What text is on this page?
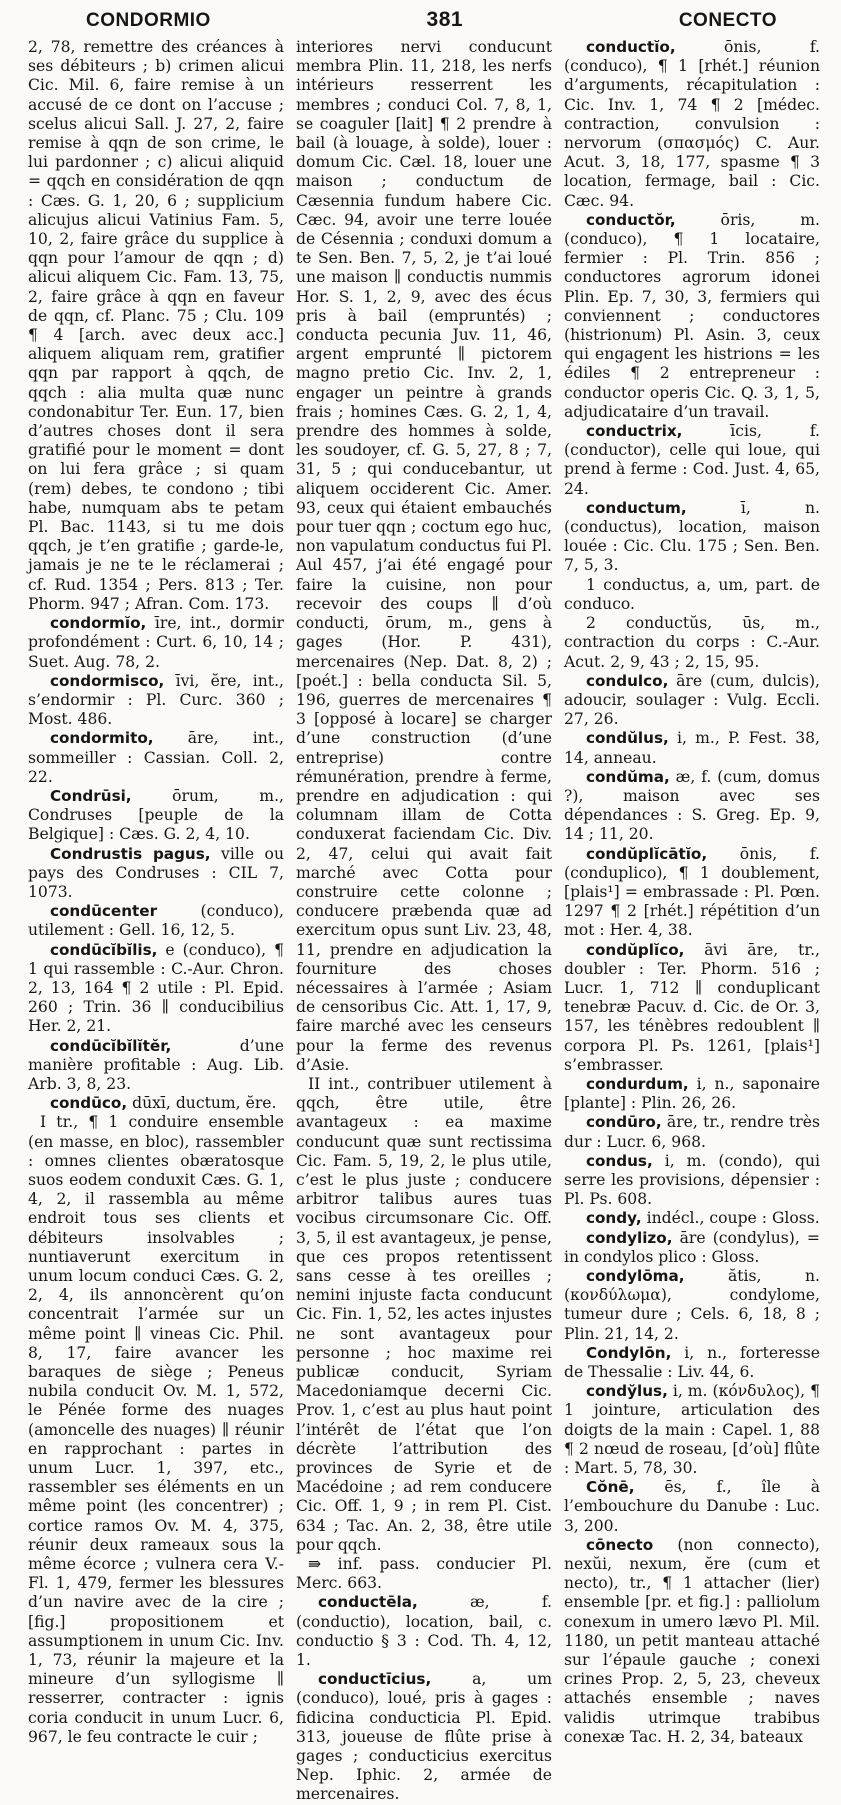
CONDORMIO	381	CONECTO

2, 78, remettre des créances à ses débiteurs ; b) crimen alicui Cic. Mil. 6, faire remise à un accusé de ce dont on l’accuse ; scelus alicui Sall. J. 27, 2, faire remise à qqn de son crime, le lui pardonner ; c) alicui aliquid = qqch en considération de qqn : Cæs. G. 1, 20, 6 ; supplicium alicujus alicui Vatinius Fam. 5, 10, 2, faire grâce du supplice à qqn pour l’amour de qqn ; d) alicui aliquem Cic. Fam. 13, 75, 2, faire grâce à qqn en faveur de qqn, cf. Planc. 75 ; Clu. 109 ¶ 4 [arch. avec deux acc.] aliquem aliquam rem, gratifier qqn par rapport à qqch, de qqch : alia multa quæ nunc condonabitur Ter. Eun. 17, bien d’autres choses dont il sera gratifié pour le moment = dont on lui fera grâce ; si quam (rem) debes, te condono ; tibi habe, numquam abs te petam Pl. Bac. 1143, si tu me dois qqch, je t’en gratifie ; garde-le, jamais je ne te le réclamerai ; cf. Rud. 1354 ; Pers. 813 ; Ter. Phorm. 947 ; Afran. Com. 173.

condormĭo, īre, int., dormir profondément : Curt. 6, 10, 14 ; Suet. Aug. 78, 2.

condormisco, īvi, ĕre, int., s’endormir : Pl. Curc. 360 ; Most. 486.

condormito, āre, int., sommeiller : Cassian. Coll. 2, 22.

Condrūsi, ōrum, m., Condruses [peuple de la Belgique] : Cæs. G. 2, 4, 10.

Condrustis pagus, ville ou pays des Condruses : CIL 7, 1073.

condūcenter (conduco), utilement : Gell. 16, 12, 5.

condūcĭbĭlis, e (conduco), ¶ 1 qui rassemble : C.-Aur. Chron. 2, 13, 164 ¶ 2 utile : Pl. Epid. 260 ; Trin. 36 ∥ conducibilius Her. 2, 21.

condūcĭbĭlĭtĕr, d’une manière profitable : Aug. Lib. Arb. 3, 8, 23.

condūco, dūxī, ductum, ĕre.

I tr., ¶ 1 conduire ensemble (en masse, en bloc), rassembler : omnes clientes obæratosque suos eodem conduxit Cæs. G. 1, 4, 2, il rassembla au même endroit tous ses clients et débiteurs insolvables ; nuntiaverunt exercitum in unum locum conduci Cæs. G. 2, 2, 4, ils annoncèrent qu’on concentrait l’armée sur un même point ∥ vineas Cic. Phil. 8, 17, faire avancer les baraques de siège ; Peneus nubila conducit Ov. M. 1, 572, le Pénée forme des nuages (amoncelle des nuages) ∥ réunir en rapprochant : partes in unum Lucr. 1, 397, etc., rassembler ses éléments en un même point (les concentrer) ; cortice ramos Ov. M. 4, 375, réunir deux rameaux sous la même écorce ; vulnera cera V.-Fl. 1, 479, fermer les blessures d’un navire avec de la cire ; [fig.] propositionem et assumptionem in unum Cic. Inv. 1, 73, réunir la majeure et la mineure d’un syllogisme ∥ resserrer, contracter : ignis coria conducit in unum Lucr. 6, 967, le feu contracte le cuir ;

interiores nervi conducunt membra Plin. 11, 218, les nerfs intérieurs resserrent les membres ; conduci Col. 7, 8, 1, se coaguler [lait] ¶ 2 prendre à bail (à louage, à solde), louer : domum Cic. Cæl. 18, louer une maison ; conductum de Cæsennia fundum habere Cic. Cæc. 94, avoir une terre louée de Césennia ; conduxi domum a te Sen. Ben. 7, 5, 2, je t’ai loué une maison ∥ conductis nummis Hor. S. 1, 2, 9, avec des écus pris à bail (empruntés) ; conducta pecunia Juv. 11, 46, argent emprunté ∥ pictorem magno pretio Cic. Inv. 2, 1, engager un peintre à grands frais ; homines Cæs. G. 2, 1, 4, prendre des hommes à solde, les soudoyer, cf. G. 5, 27, 8 ; 7, 31, 5 ; qui conducebantur, ut aliquem occiderent Cic. Amer. 93, ceux qui étaient embauchés pour tuer qqn ; coctum ego huc, non vapulatum conductus fui Pl. Aul 457, j’ai été engagé pour faire la cuisine, non pour recevoir des coups ∥ d’où conducti, ōrum, m., gens à gages (Hor. P. 431), mercenaires (Nep. Dat. 8, 2) ; [poét.] : bella conducta Sil. 5, 196, guerres de mercenaires ¶ 3 [opposé à locare] se charger d’une construction (d’une entreprise) contre rémunération, prendre à ferme, prendre en adjudication : qui columnam illam de Cotta conduxerat faciendam Cic. Div. 2, 47, celui qui avait fait marché avec Cotta pour construire cette colonne ; conducere præbenda quæ ad exercitum opus sunt Liv. 23, 48, 11, prendre en adjudication la fourniture des choses nécessaires à l’armée ; Asiam de censoribus Cic. Att. 1, 17, 9, faire marché avec les censeurs pour la ferme des revenus d’Asie.

II int., contribuer utilement à qqch, être utile, être avantageux : ea maxime conducunt quæ sunt rectissima Cic. Fam. 5, 19, 2, le plus utile, c’est le plus juste ; conducere arbitror talibus aures tuas vocibus circumsonare Cic. Off. 3, 5, il est avantageux, je pense, que ces propos retentissent sans cesse à tes oreilles ; nemini injuste facta conducunt Cic. Fin. 1, 52, les actes injustes ne sont avantageux pour personne ; hoc maxime rei publicæ conducit, Syriam Macedoniamque decerni Cic. Prov. 1, c’est au plus haut point l’intérêt de l’état que l’on décrète l’attribution des provinces de Syrie et de Macédoine ; ad rem conducere Cic. Off. 1, 9 ; in rem Pl. Cist. 634 ; Tac. An. 2, 38, être utile pour qqch.

⇛ inf. pass. conducier Pl. Merc. 663.

conductēla, æ, f. (conductio), location, bail, c. conductio § 3 : Cod. Th. 4, 12, 1.

conductīcius, a, um (conduco), loué, pris à gages : fidicina conducticia Pl. Epid. 313, joueuse de flûte prise à gages ; conducticius exercitus Nep. Iphic. 2, armée de mercenaires.

conductĭo, ōnis, f. (conduco), ¶ 1 [rhét.] réunion d’arguments, récapitulation : Cic. Inv. 1, 74 ¶ 2 [médec. contraction, convulsion : nervorum (σπασμός) C. Aur. Acut. 3, 18, 177, spasme ¶ 3 location, fermage, bail : Cic. Cæc. 94.

conductŏr, ōris, m. (conduco), ¶ 1 locataire, fermier : Pl. Trin. 856 ; conductores agrorum idonei Plin. Ep. 7, 30, 3, fermiers qui conviennent ; conductores (histrionum) Pl. Asin. 3, ceux qui engagent les histrions = les édiles ¶ 2 entrepreneur : conductor operis Cic. Q. 3, 1, 5, adjudicataire d’un travail.

conductrix, īcis, f. (conductor), celle qui loue, qui prend à ferme : Cod. Just. 4, 65, 24.

conductum, ī, n. (conductus), location, maison louée : Cic. Clu. 175 ; Sen. Ben. 7, 5, 3.

1 conductus, a, um, part. de conduco.

2 conductŭs, ūs, m., contraction du corps : C.-Aur. Acut. 2, 9, 43 ; 2, 15, 95.

condulco, āre (cum, dulcis), adoucir, soulager : Vulg. Eccli. 27, 26.

condŭlus, i, m., P. Fest. 38, 14, anneau.

condŭma, æ, f. (cum, domus ?), maison avec ses dépendances : S. Greg. Ep. 9, 14 ; 11, 20.

condŭplĭcātĭo, ōnis, f. (conduplico), ¶ 1 doublement, [plais¹] = embrassade : Pl. Pœn. 1297 ¶ 2 [rhét.] répétition d’un mot : Her. 4, 38.

condŭplĭco, āvi āre, tr., doubler : Ter. Phorm. 516 ; Lucr. 1, 712 ∥ conduplicant tenebræ Pacuv. d. Cic. de Or. 3, 157, les ténèbres redoublent ∥ corpora Pl. Ps. 1261, [plais¹] s’embrasser.

condurdum, i, n., saponaire [plante] : Plin. 26, 26.

condūro, āre, tr., rendre très dur : Lucr. 6, 968.

condus, i, m. (condo), qui serre les provisions, dépensier : Pl. Ps. 608.

condy, indécl., coupe : Gloss.

condylizo, āre (condylus), = in condylos plico : Gloss.

condylōma, ătis, n. (κονδύλωμα), condylome, tumeur dure ; Cels. 6, 18, 8 ; Plin. 21, 14, 2.

Condylōn, i, n., forteresse de Thessalie : Liv. 44, 6.

condўlus, i, m. (κόνδυλος), ¶ 1 jointure, articulation des doigts de la main : Capel. 1, 88 ¶ 2 nœud de roseau, [d’où] flûte : Mart. 5, 78, 30.

Cŏnē, ēs, f., île à l’embouchure du Danube : Luc. 3, 200.

cōnecto (non connecto), nexŭi, nexum, ĕre (cum et necto), tr., ¶ 1 attacher (lier) ensemble [pr. et fig.] : palliolum conexum in umero lævo Pl. Mil. 1180, un petit manteau attaché sur l’épaule gauche ; conexi crines Prop. 2, 5, 23, cheveux attachés ensemble ; naves validis utrimque trabibus conexæ Tac. H. 2, 34, bateaux
